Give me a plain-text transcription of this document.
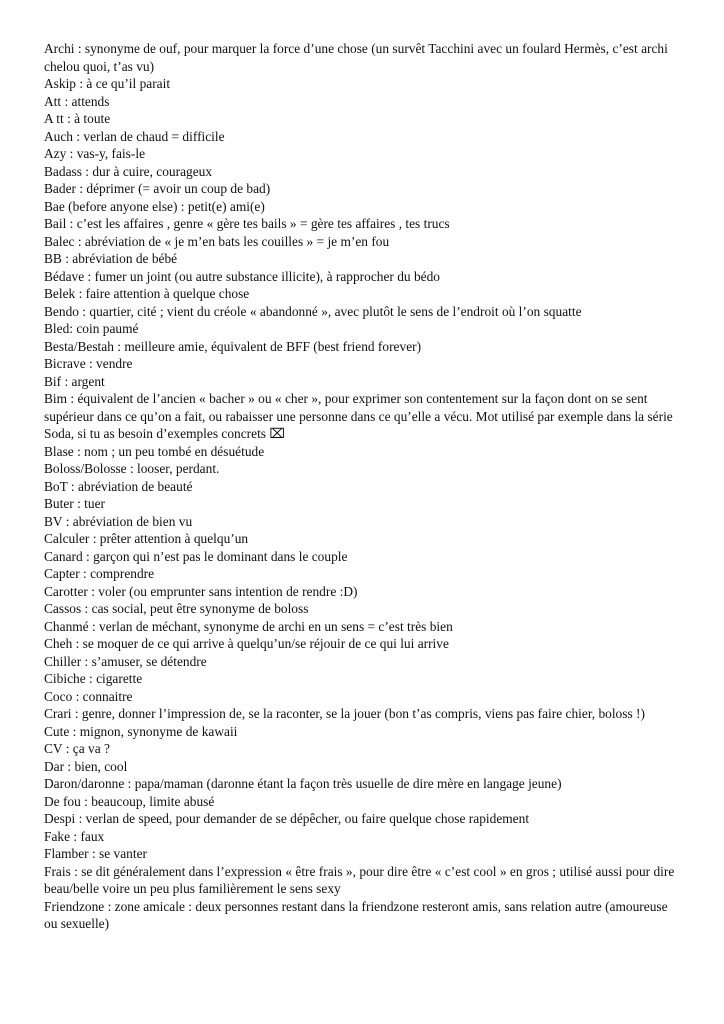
Archi : synonyme de ouf, pour marquer la force d’une chose (un survêt Tacchini avec un foulard Hermès, c’est archi chelou quoi, t’as vu)

Askip : à ce qu’il parait

Att : attends

A tt : à toute

Auch : verlan de chaud = difficile

Azy : vas-y, fais-le

Badass : dur à cuire, courageux

Bader : déprimer (= avoir un coup de bad)

Bae (before anyone else) : petit(e) ami(e)

Bail : c’est les affaires , genre « gère tes bails » = gère tes affaires , tes trucs

Balec : abréviation de « je m’en bats les couilles » = je m’en fou

BB : abréviation de bébé

Bédave : fumer un joint (ou autre substance illicite), à rapprocher du bédo

Belek : faire attention à quelque chose

Bendo : quartier, cité ; vient du créole « abandonné », avec plutôt le sens de l’endroit où l’on squatte

Bled: coin paumé

Besta/Bestah : meilleure amie, équivalent de BFF (best friend forever)

Bicrave : vendre

Bif : argent

Bim : équivalent de l’ancien « bacher » ou « cher », pour exprimer son contentement sur la façon dont on se sent supérieur dans ce qu’on a fait, ou rabaisser une personne dans ce qu’elle a vécu. Mot utilisé par exemple dans la série Soda, si tu as besoin d’exemples concrets ⌧

Blase : nom ; un peu tombé en désuétude

Boloss/Bolosse : looser, perdant.

BoT : abréviation de beauté

Buter : tuer

BV : abréviation de bien vu

Calculer : prêter attention à quelqu’un

Canard : garçon qui n’est pas le dominant dans le couple

Capter : comprendre

Carotter : voler (ou emprunter sans intention de rendre :D)

Cassos : cas social, peut être synonyme de boloss

Chanmé : verlan de méchant, synonyme de archi en un sens = c’est très bien

Cheh : se moquer de ce qui arrive à quelqu’un/se réjouir de ce qui lui arrive

Chiller : s’amuser, se détendre

Cibiche : cigarette

Coco : connaitre

Crari : genre, donner l’impression de, se la raconter, se la jouer (bon t’as compris, viens pas faire chier, boloss !)

Cute : mignon, synonyme de kawaii

CV : ça va ?

Dar : bien, cool

Daron/daronne : papa/maman (daronne étant la façon très usuelle de dire mère en langage jeune)

De fou : beaucoup, limite abusé

Despi : verlan de speed, pour demander de se dépêcher, ou faire quelque chose rapidement

Fake : faux

Flamber : se vanter

Frais : se dit généralement dans l’expression « être frais », pour dire être « c’est cool » en gros ; utilisé aussi pour dire beau/belle voire un peu plus familièrement le sens sexy

Friendzone : zone amicale : deux personnes restant dans la friendzone resteront amis, sans relation autre (amoureuse ou sexuelle)
